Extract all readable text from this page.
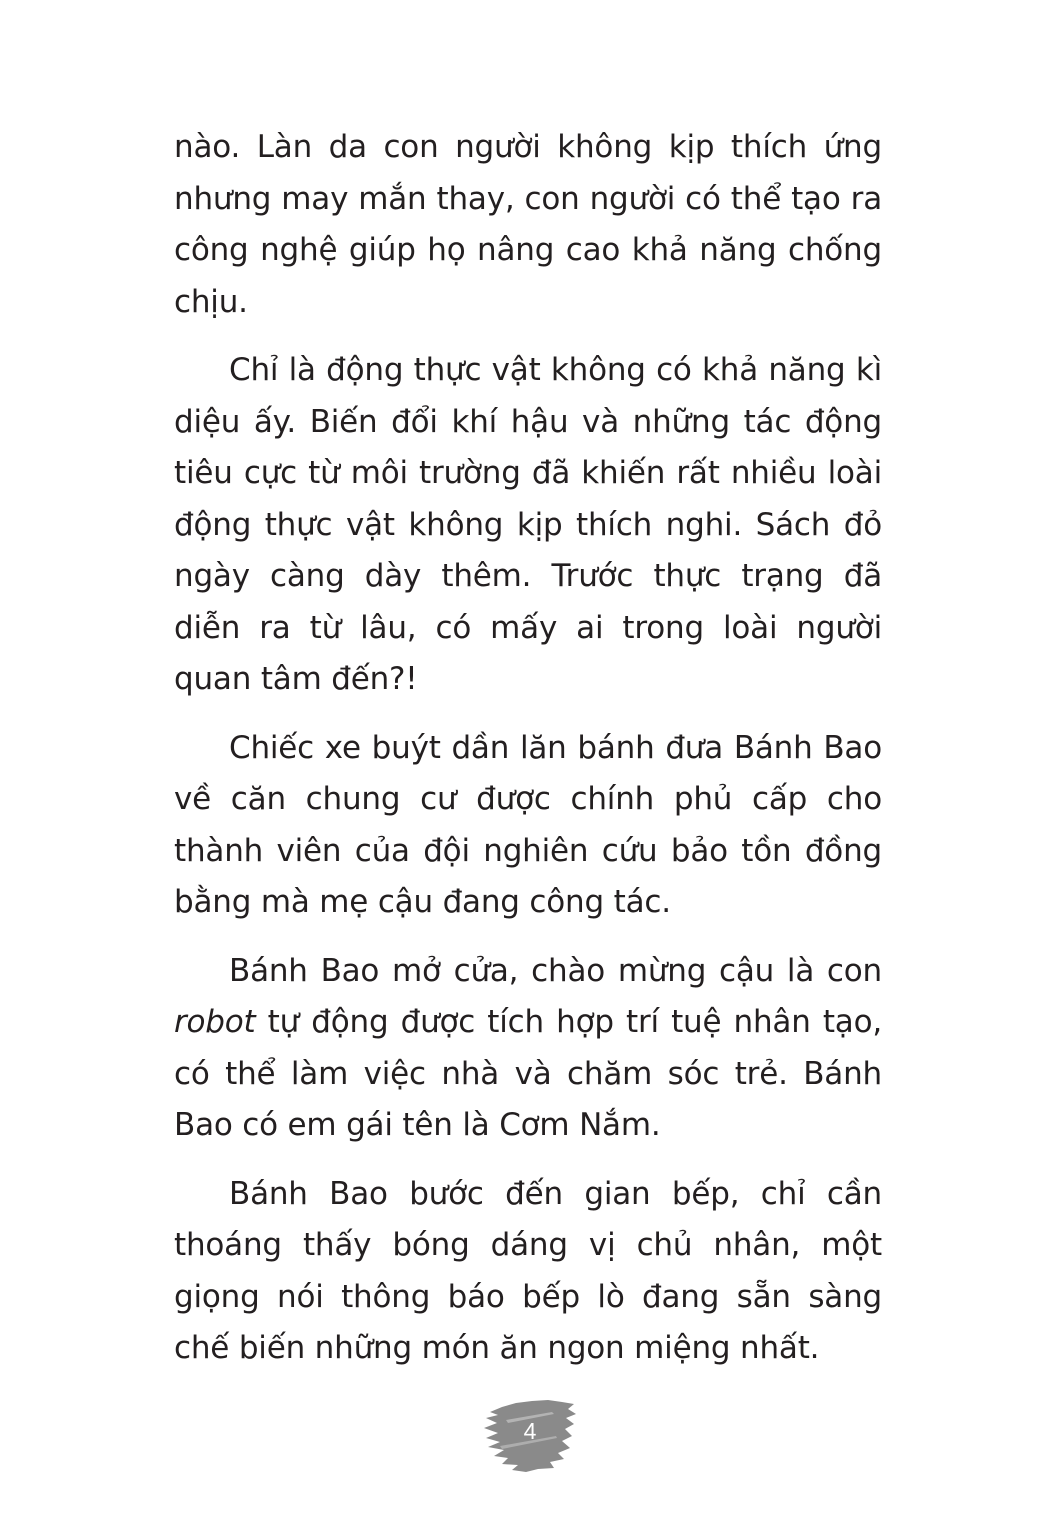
nào. Làn da con người không kịp thích ứng nhưng may mắn thay, con người có thể tạo ra công nghệ giúp họ nâng cao khả năng chống chịu.

Chỉ là động thực vật không có khả năng kì diệu ấy. Biến đổi khí hậu và những tác động tiêu cực từ môi trường đã khiến rất nhiều loài động thực vật không kịp thích nghi. Sách đỏ ngày càng dày thêm. Trước thực trạng đã diễn ra từ lâu, có mấy ai trong loài người quan tâm đến?!

Chiếc xe buýt dần lăn bánh đưa Bánh Bao về căn chung cư được chính phủ cấp cho thành viên của đội nghiên cứu bảo tồn đồng bằng mà mẹ cậu đang công tác.

Bánh Bao mở cửa, chào mừng cậu là con robot tự động được tích hợp trí tuệ nhân tạo, có thể làm việc nhà và chăm sóc trẻ. Bánh Bao có em gái tên là Cơm Nắm.

Bánh Bao bước đến gian bếp, chỉ cần thoáng thấy bóng dáng vị chủ nhân, một giọng nói thông báo bếp lò đang sẵn sàng chế biến những món ăn ngon miệng nhất.

4
